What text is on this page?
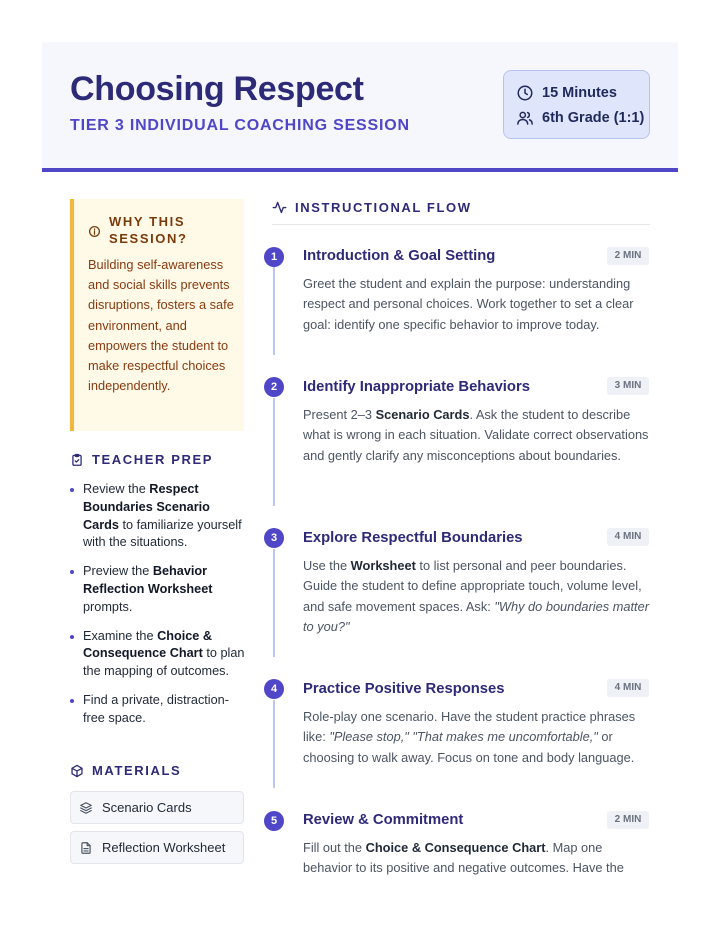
Choosing Respect
TIER 3 INDIVIDUAL COACHING SESSION
15 Minutes
6th Grade (1:1)
WHY THIS SESSION?
Building self-awareness and social skills prevents disruptions, fosters a safe environment, and empowers the student to make respectful choices independently.
TEACHER PREP
Review the Respect Boundaries Scenario Cards to familiarize yourself with the situations.
Preview the Behavior Reflection Worksheet prompts.
Examine the Choice & Consequence Chart to plan the mapping of outcomes.
Find a private, distraction-free space.
MATERIALS
Scenario Cards
Reflection Worksheet
INSTRUCTIONAL FLOW
1	Introduction & Goal Setting	2 MIN
Greet the student and explain the purpose: understanding respect and personal choices. Work together to set a clear goal: identify one specific behavior to improve today.
2	Identify Inappropriate Behaviors	3 MIN
Present 2–3 Scenario Cards. Ask the student to describe what is wrong in each situation. Validate correct observations and gently clarify any misconceptions about boundaries.
3	Explore Respectful Boundaries	4 MIN
Use the Worksheet to list personal and peer boundaries. Guide the student to define appropriate touch, volume level, and safe movement spaces. Ask: "Why do boundaries matter to you?"
4	Practice Positive Responses	4 MIN
Role-play one scenario. Have the student practice phrases like: "Please stop," "That makes me uncomfortable," or choosing to walk away. Focus on tone and body language.
5	Review & Commitment	2 MIN
Fill out the Choice & Consequence Chart. Map one behavior to its positive and negative outcomes. Have the
